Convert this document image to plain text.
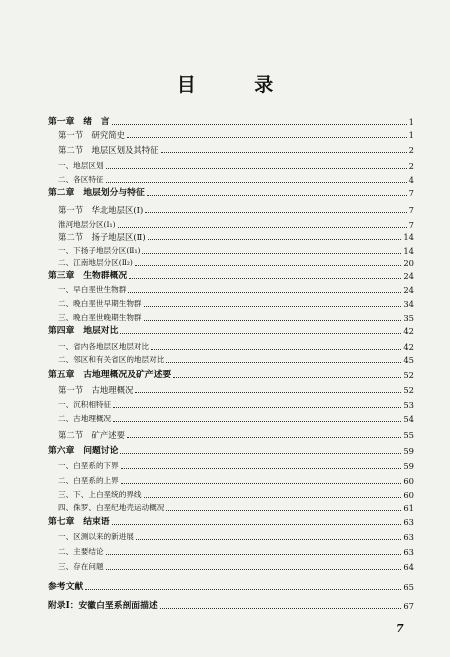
目 录
第一章　绪　言	1
第一节　研究简史	1
第二节　地层区划及其特征	2
一、地层区划	2
二、各区特征	4
第二章　地层划分与特征	7
第一节　华北地层区(Ⅰ)	7
淮河地层分区(Ⅰ₁)	7
第二节　扬子地层区(Ⅱ)	14
一、下扬子地层分区(Ⅱ₁)	14
二、江南地层分区(Ⅱ₂)	20
第三章　生物群概况	24
一、早白垩世生物群	24
二、晚白垩世早期生物群	34
三、晚白垩世晚期生物群	35
第四章　地层对比	42
一、省内各地层区地层对比	42
二、邻区和有关省区的地层对比	45
第五章　古地理概况及矿产述要	52
第一节　古地理概况	52
一、沉积相特征	53
二、古地理概况	54
第二节　矿产述要	55
第六章　问题讨论	59
一、白垩系的下界	59
二、白垩系的上界	60
三、下、上白垩统的界线	60
四、侏罗、白垩纪地壳运动概况	61
第七章　结束语	63
一、区测以来的新进展	63
二、主要结论	63
三、存在问题	64
参考文献	65
附录Ⅰ：安徽白垩系剖面描述	67
7
